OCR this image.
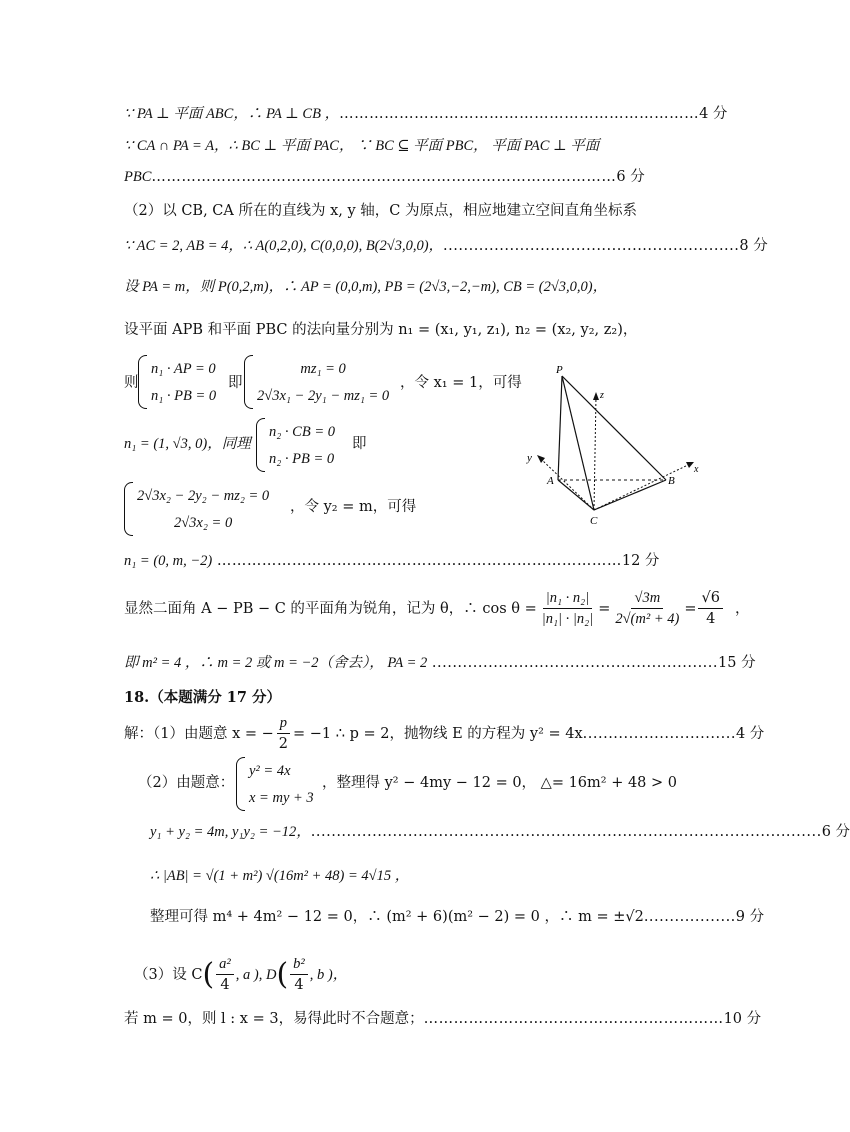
∵ PA ⊥ 平面 ABC，∴ PA ⊥ CB ，………………………………………………………………4 分
∵ CA ∩ PA = A，∴ BC ⊥ 平面 PAC， ∵ BC ⊆ 平面 PBC， 平面 PAC ⊥ 平面
PBC…………………………………………………………………………………6 分
（2）以 CB, CA 所在的直线为 x, y 轴，C 为原点，相应地建立空间直角坐标系
∵ AC = 2, AB = 4，∴ A(0,2,0), C(0,0,0), B(2√3,0,0)，..........................................................8 分
设 PA = m，则 P(0,2,m)，∴ AP = (0,0,m), PB = (2√3,−2,−m), CB = (2√3,0,0)，
设平面 APB 和平面 PBC 的法向量分别为 n₁ = (x₁, y₁, z₁), n₂ = (x₂, y₂, z₂)，
则
n₁ · AP = 0
n₁ · PB = 0
即
mz₁ = 0
2√3x₁ − 2y₁ − mz₁ = 0
，令 x₁ = 1，可得
n₁ = (1, √3, 0)，同理
n₂ · CB = 0
n₂ · PB = 0
即
2√3x₂ − 2y₂ − mz₂ = 0
2√3x₂ = 0
，令 y₂ = m，可得
n₁ = (0, m, −2) ………………………………………………………………………12 分
显然二面角 A − PB − C 的平面角为锐角，记为 θ，∴ $\cos \theta = \frac{\text{|n₁ · n₂|}}{\text{|n₁| · |n₂|}} = \frac{√3m}{\text{2√(m² + 4)}} = \frac{√6}{4}$ ，
即 m² = 4 ，∴ m = 2 或 m = −2（舍去）， PA = 2 ........................................................15 分
18.（本题满分 17 分）
解：（1）由题意 x = − $\frac{p}{2} = -1$ ∴ p = 2，抛物线 E 的方程为 y² = 4x .............................. 4 分
（2）由题意：
y² = 4x
x = my + 3
，整理得 y² − 4my − 12 = 0， △= 16m² + 48 > 0
y₁ + y₂ = 4m, y₁y₂ = −12，....................................................................................................6 分
∴ |AB| = √(1 + m²) √(16m² + 48) = 4√15 ，
整理可得 m⁴ + 4m² − 12 = 0，∴ (m² + 6)(m² − 2) = 0 ，∴ m = ±√2..................9 分
（3）设 C ( $\frac{\text{a²}}{4}$ , a ), D ( $\frac{\text{b²}}{4}$ , b )，
若 m = 0，则 l : x = 3，易得此时不合题意；……………………………………………………10 分
P
z
y
x
A	B
C
